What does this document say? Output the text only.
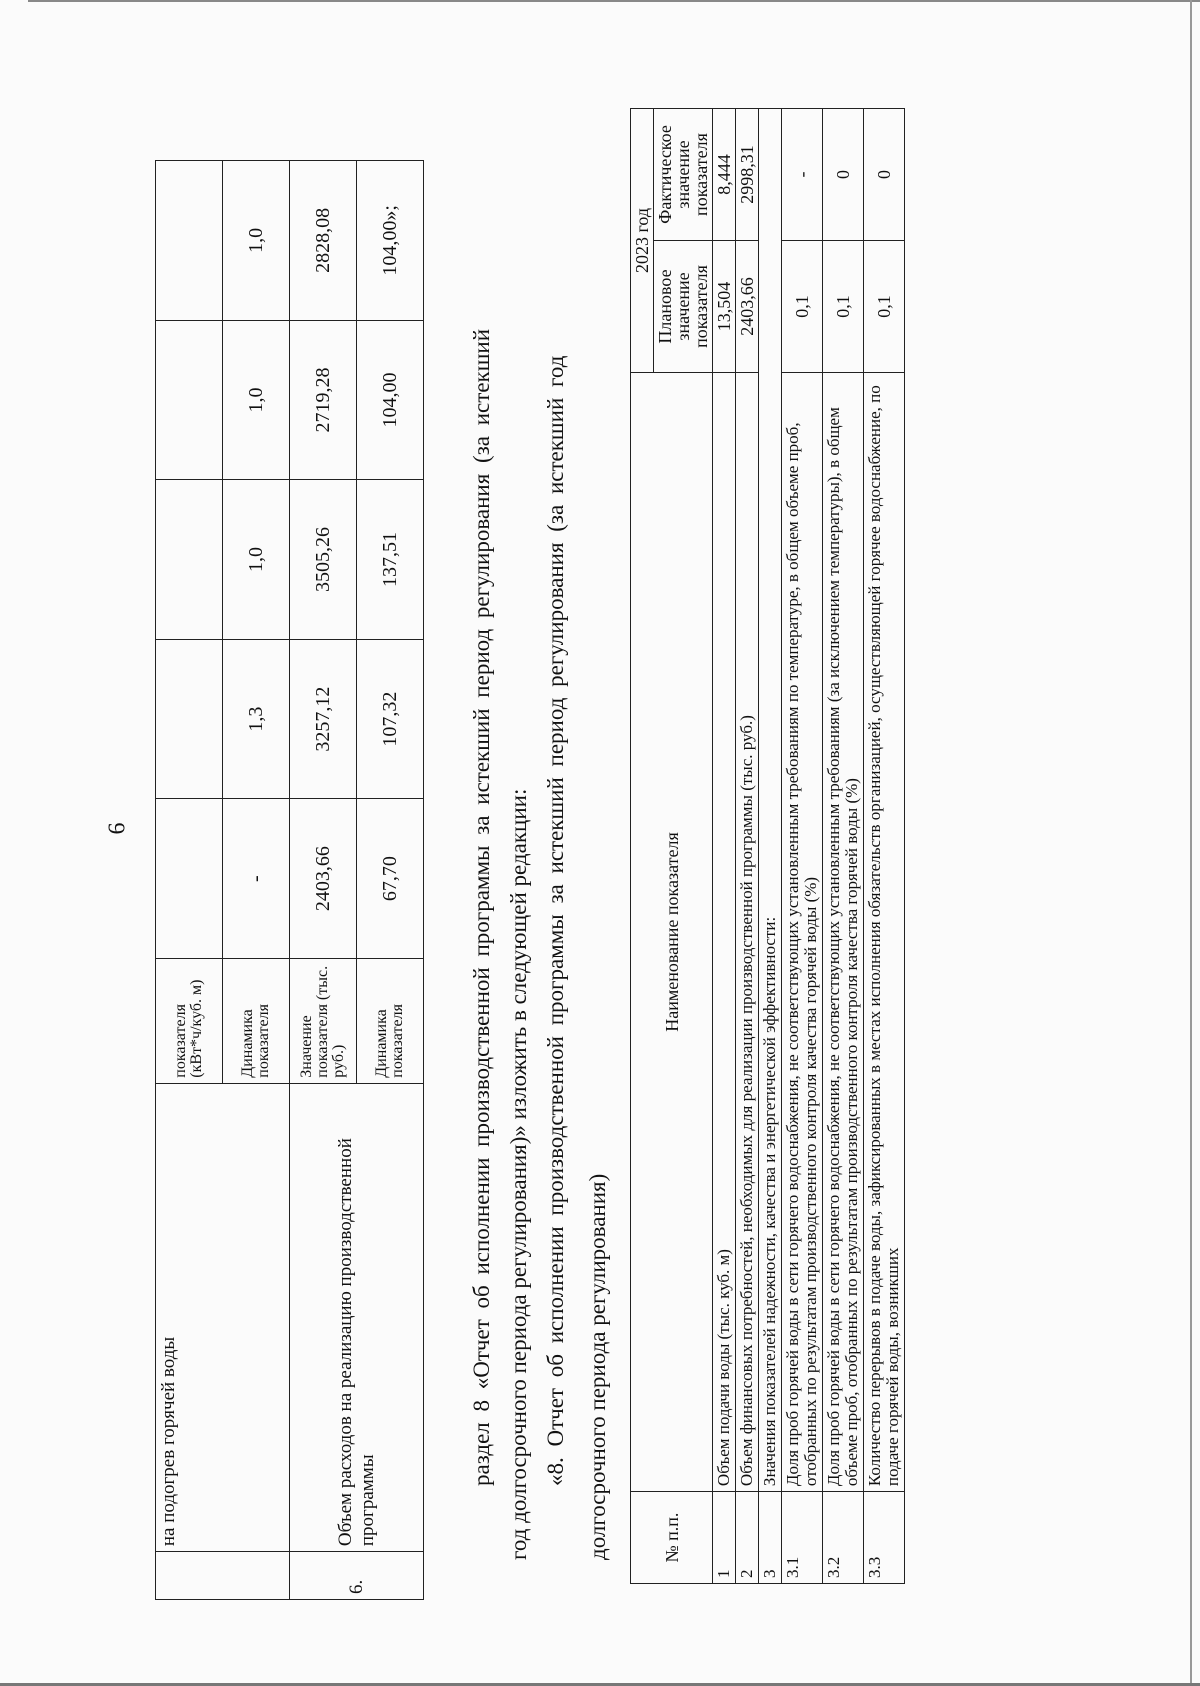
6
	на подогрев горячей воды	показателя (кВт*ч/куб. м)					
		Динамика показателя	-	1,3	1,0	1,0	1,0

6.	Объем расходов на реализацию производственной программы	Значение показателя (тыс. руб.)	2403,66	3257,12	3505,26	2719,28	2828,08
		Динамика показателя	67,70	107,32	137,51	104,00	104,00»;
раздел 8 «Отчет об исполнении производственной программы за истекший период регулирования (за истекший год долгосрочного периода регулирования)» изложить в следующей редакции: «8. Отчет об исполнении производственной программы за истекший период регулирования (за истекший год долгосрочного периода регулирования)	№ п.п.	Наименование показателя	2023 год	
		Плановое значение показателя	Фактическое значение показателя
1	Объем подачи воды (тыс. куб. м)	13,504	8,444
2	Объем финансовых потребностей, необходимых для реализации производственной программы (тыс. руб.)	2403,66	2998,31
3	Значения показателей надежности, качества и энергетической эффективности:		
3.1	Доля проб горячей воды в сети горячего водоснабжения, не соответствующих установленным требованиям по температуре, в общем объеме проб, отобранных по результатам производственного контроля качества горячей воды (%)	0,1	-
3.2	Доля проб горячей воды в сети горячего водоснабжения, не соответствующих установленным требованиям (за исключением температуры), в общем объеме проб, отобранных по результатам производственного контроля качества горячей воды (%)	0,1	0
3.3	Количество перерывов в подаче воды, зафиксированных в местах исполнения обязательств организацией, осуществляющей горячее водоснабжение, по подаче горячей воды, возникших	0,1	0
